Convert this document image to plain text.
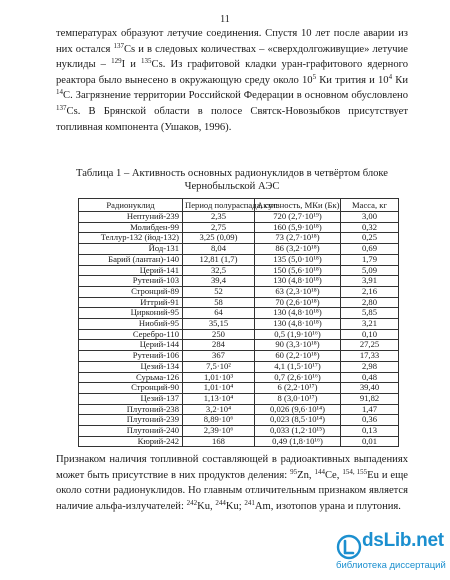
11

температурах образуют летучие соединения. Спустя 10 лет после аварии из них остался $^{137}$Cs и в следовых количествах – «сверхдолгоживущие» летучие нуклиды – $^{129}$I и $^{135}$Cs. Из графитовой кладки уран-графитового ядерного реактора было вынесено в окружающую среду около $10^5$ Ки трития и $10^4$ Ки $^{14}$С. Загрязнение территории Российской Федерации в основном обусловлено $^{137}$Cs. В Брянской области в полосе Святск-Новозыбков присутствует топливная компонента (Ушаков, 1996).

Таблица 1 – Активность основных радионуклидов в четвёртом блоке
Чернобыльской АЭС
Радионуклид	Период полураспада, сут.	Активность, МКи (Бк)	Масса, кг
Нептуний-239	2,35	720 (2,7·10¹⁹)	3,00
Молибден-99	2,75	160 (5,9·10¹⁸)	0,32
Теллур-132 (йод-132)	3,25 (0,09)	73 (2,7·10¹⁸)	0,25
Йод-131	8,04	86 (3,2·10¹⁸)	0,69
Барий (лантан)-140	12,81 (1,7)	135 (5,0·10¹⁸)	1,79
Церий-141	32,5	150 (5,6·10¹⁸)	5,09
Рутений-103	39,4	130 (4,8·10¹⁸)	3,91
Стронций-89	52	63 (2,3·10¹⁸)	2,16
Иттрий-91	58	70 (2,6·10¹⁸)	2,80
Цирконий-95	64	130 (4,8·10¹⁸)	5,85
Ниобий-95	35,15	130 (4,8·10¹⁸)	3,21
Серебро-110	250	0,5 (1,9·10¹⁶)	0,10
Церий-144	284	90 (3,3·10¹⁸)	27,25
Рутений-106	367	60 (2,2·10¹⁸)	17,33
Цезий-134	7,5·10²	4,1 (1,5·10¹⁷)	2,98
Сурьма-126	1,01·10³	0,7 (2,6·10¹⁶)	0,48
Стронций-90	1,01·10⁴	6 (2,2·10¹⁷)	39,40
Цезий-137	1,13·10⁴	8 (3,0·10¹⁷)	91,82
Плутоний-238	3,2·10⁴	0,026 (9,6·10¹⁴)	1,47
Плутоний-239	8,89·10⁶	0,023 (8,5·10¹⁴)	0,36
Плутоний-240	2,39·10⁶	0,033 (1,2·10¹⁵)	0,13
Кюрий-242	168	0,49 (1,8·10¹⁶)	0,01

Признаком наличия топливной составляющей в радиоактивных выпадениях может быть присутствие в них продуктов деления: $^{95}$Zn, $^{144}$Ce, $^{154, 155}$Eu и еще около сотни радионуклидов. Но главным отличительным признаком является наличие альфа-излучателей: $^{242}$Ku, $^{244}$Ku; $^{241}$Am, изотопов урана и плутония.

dsLib.net
библиотека диссертаций
